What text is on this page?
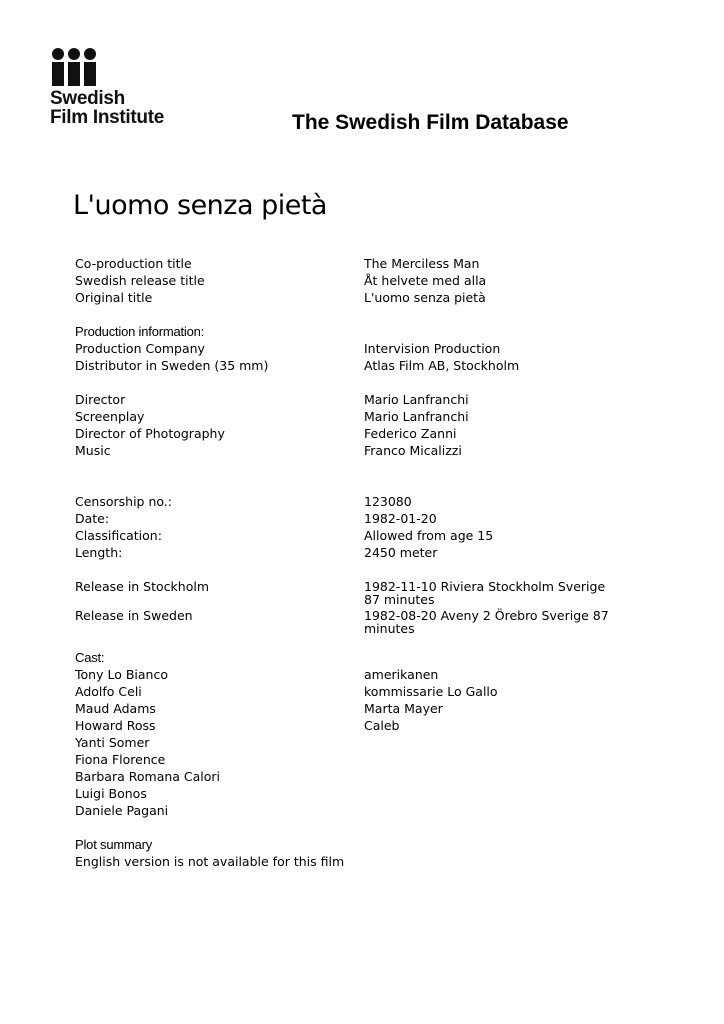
Swedish
Film Institute	The Swedish Film Database
L'uomo senza pietà
Co-production title	The Merciless Man
Swedish release title	Åt helvete med alla
Original title	L'uomo senza pietà
Production information:
Production Company	Intervision Production
Distributor in Sweden (35 mm)	Atlas Film AB, Stockholm
Director	Mario Lanfranchi
Screenplay	Mario Lanfranchi
Director of Photography	Federico Zanni
Music	Franco Micalizzi
Censorship no.:	123080
Date:	1982-01-20
Classification:	Allowed from age 15
Length:	2450 meter
Release in Stockholm	1982-11-10 Riviera Stockholm Sverige 87 minutes
Release in Sweden	1982-08-20 Aveny 2 Örebro Sverige 87 minutes
Cast:
Tony Lo Bianco	amerikanen
Adolfo Celi	kommissarie Lo Gallo
Maud Adams	Marta Mayer
Howard Ross	Caleb
Yanti Somer
Fiona Florence
Barbara Romana Calori
Luigi Bonos
Daniele Pagani
Plot summary
English version is not available for this film
